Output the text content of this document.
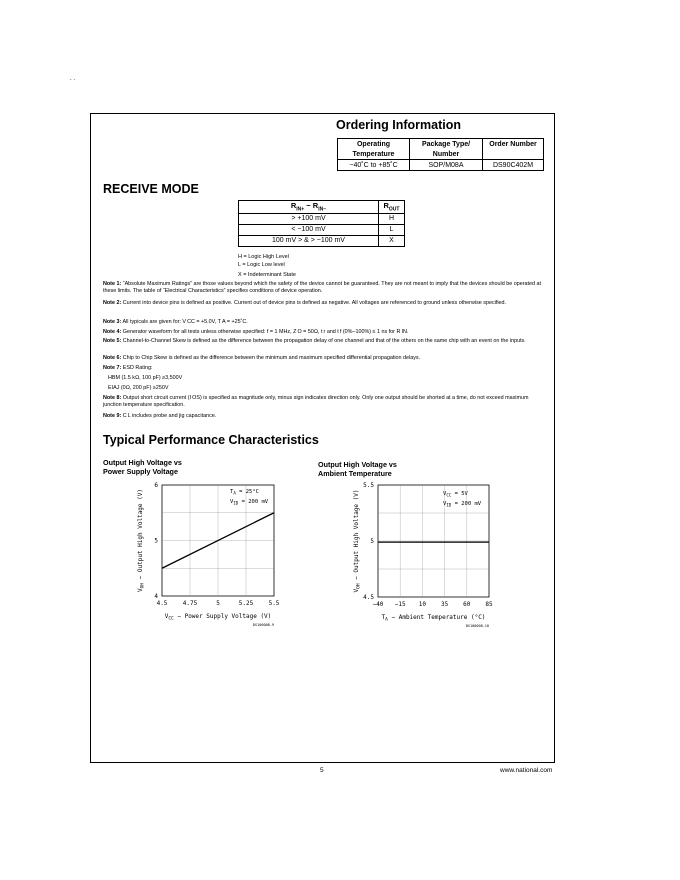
. .
Ordering Information
Operating	Package Type/	Order Number
Temperature	Number	
−40˚C to +85˚C	SOP/M08A	DS90C402M
RECEIVE MODE
$R_{IN+} - R_{IN-}$	$R_{OUT}$
> +100 mV	H
< −100 mV	L
100 mV > & > −100 mV	X
H = Logic High Level
L = Logic Low level
X = Indeterminant State
Note 1: “Absolute Maximum Ratings” are those values beyond which the safety of the device cannot be guaranteed. They are not meant to imply that the devices should be operated at these limits. The table of “Electrical Characteristics” specifies conditions of device operation.
Note 2: Current into device pins is defined as positive. Current out of device pins is defined as negative. All voltages are referenced to ground unless otherwise specified.
Note 3: All typicals are given for: V CC = +5.0V, T A = +25˚C.
Note 4: Generator waveform for all tests unless otherwise specified: f = 1 MHz, Z O = 50Ω, t r and t f (0%–100%) ≤ 1 ns for R IN.
Note 5: Channel-to-Channel Skew is defined as the difference between the propagation delay of one channel and that of the others on the same chip with an event on the inputs.
Note 6: Chip to Chip Skew is defined as the difference between the minimum and maximum specified differential propagation delays.
Note 7: ESD Rating:
HBM (1.5 kΩ, 100 pF) ≥3,500V
EIAJ (0Ω, 200 pF) ≥250V
Note 8: Output short circuit current (I OS) is specified as magnitude only, minus sign indicates direction only. Only one output should be shorted at a time, do not exceed maximum junction temperature specification.
Note 9: C L includes probe and jig capacitance.
Typical Performance Characteristics
Output High Voltage vs
Power Supply Voltage
Output High Voltage vs
Ambient Temperature
4.5	4.75	5	5.25	5.5
4
5
6
$V_{CC}$ − Power Supply Voltage (V)
$V_{OH}$ − Output High Voltage (V)	$T_A = 25^\circ C$
$V_{ID} = 200$ mV
DS100008-9
−40 −15 10 35 60 85
4.5
5
5.5
$T_A$ − Ambient Temperature (°C)
$V_{OH}$ − Output High Voltage (V)	$V_{CC} = 5V$
$V_{ID} = 200$ mV
DS100008-10
5	www.national.com
